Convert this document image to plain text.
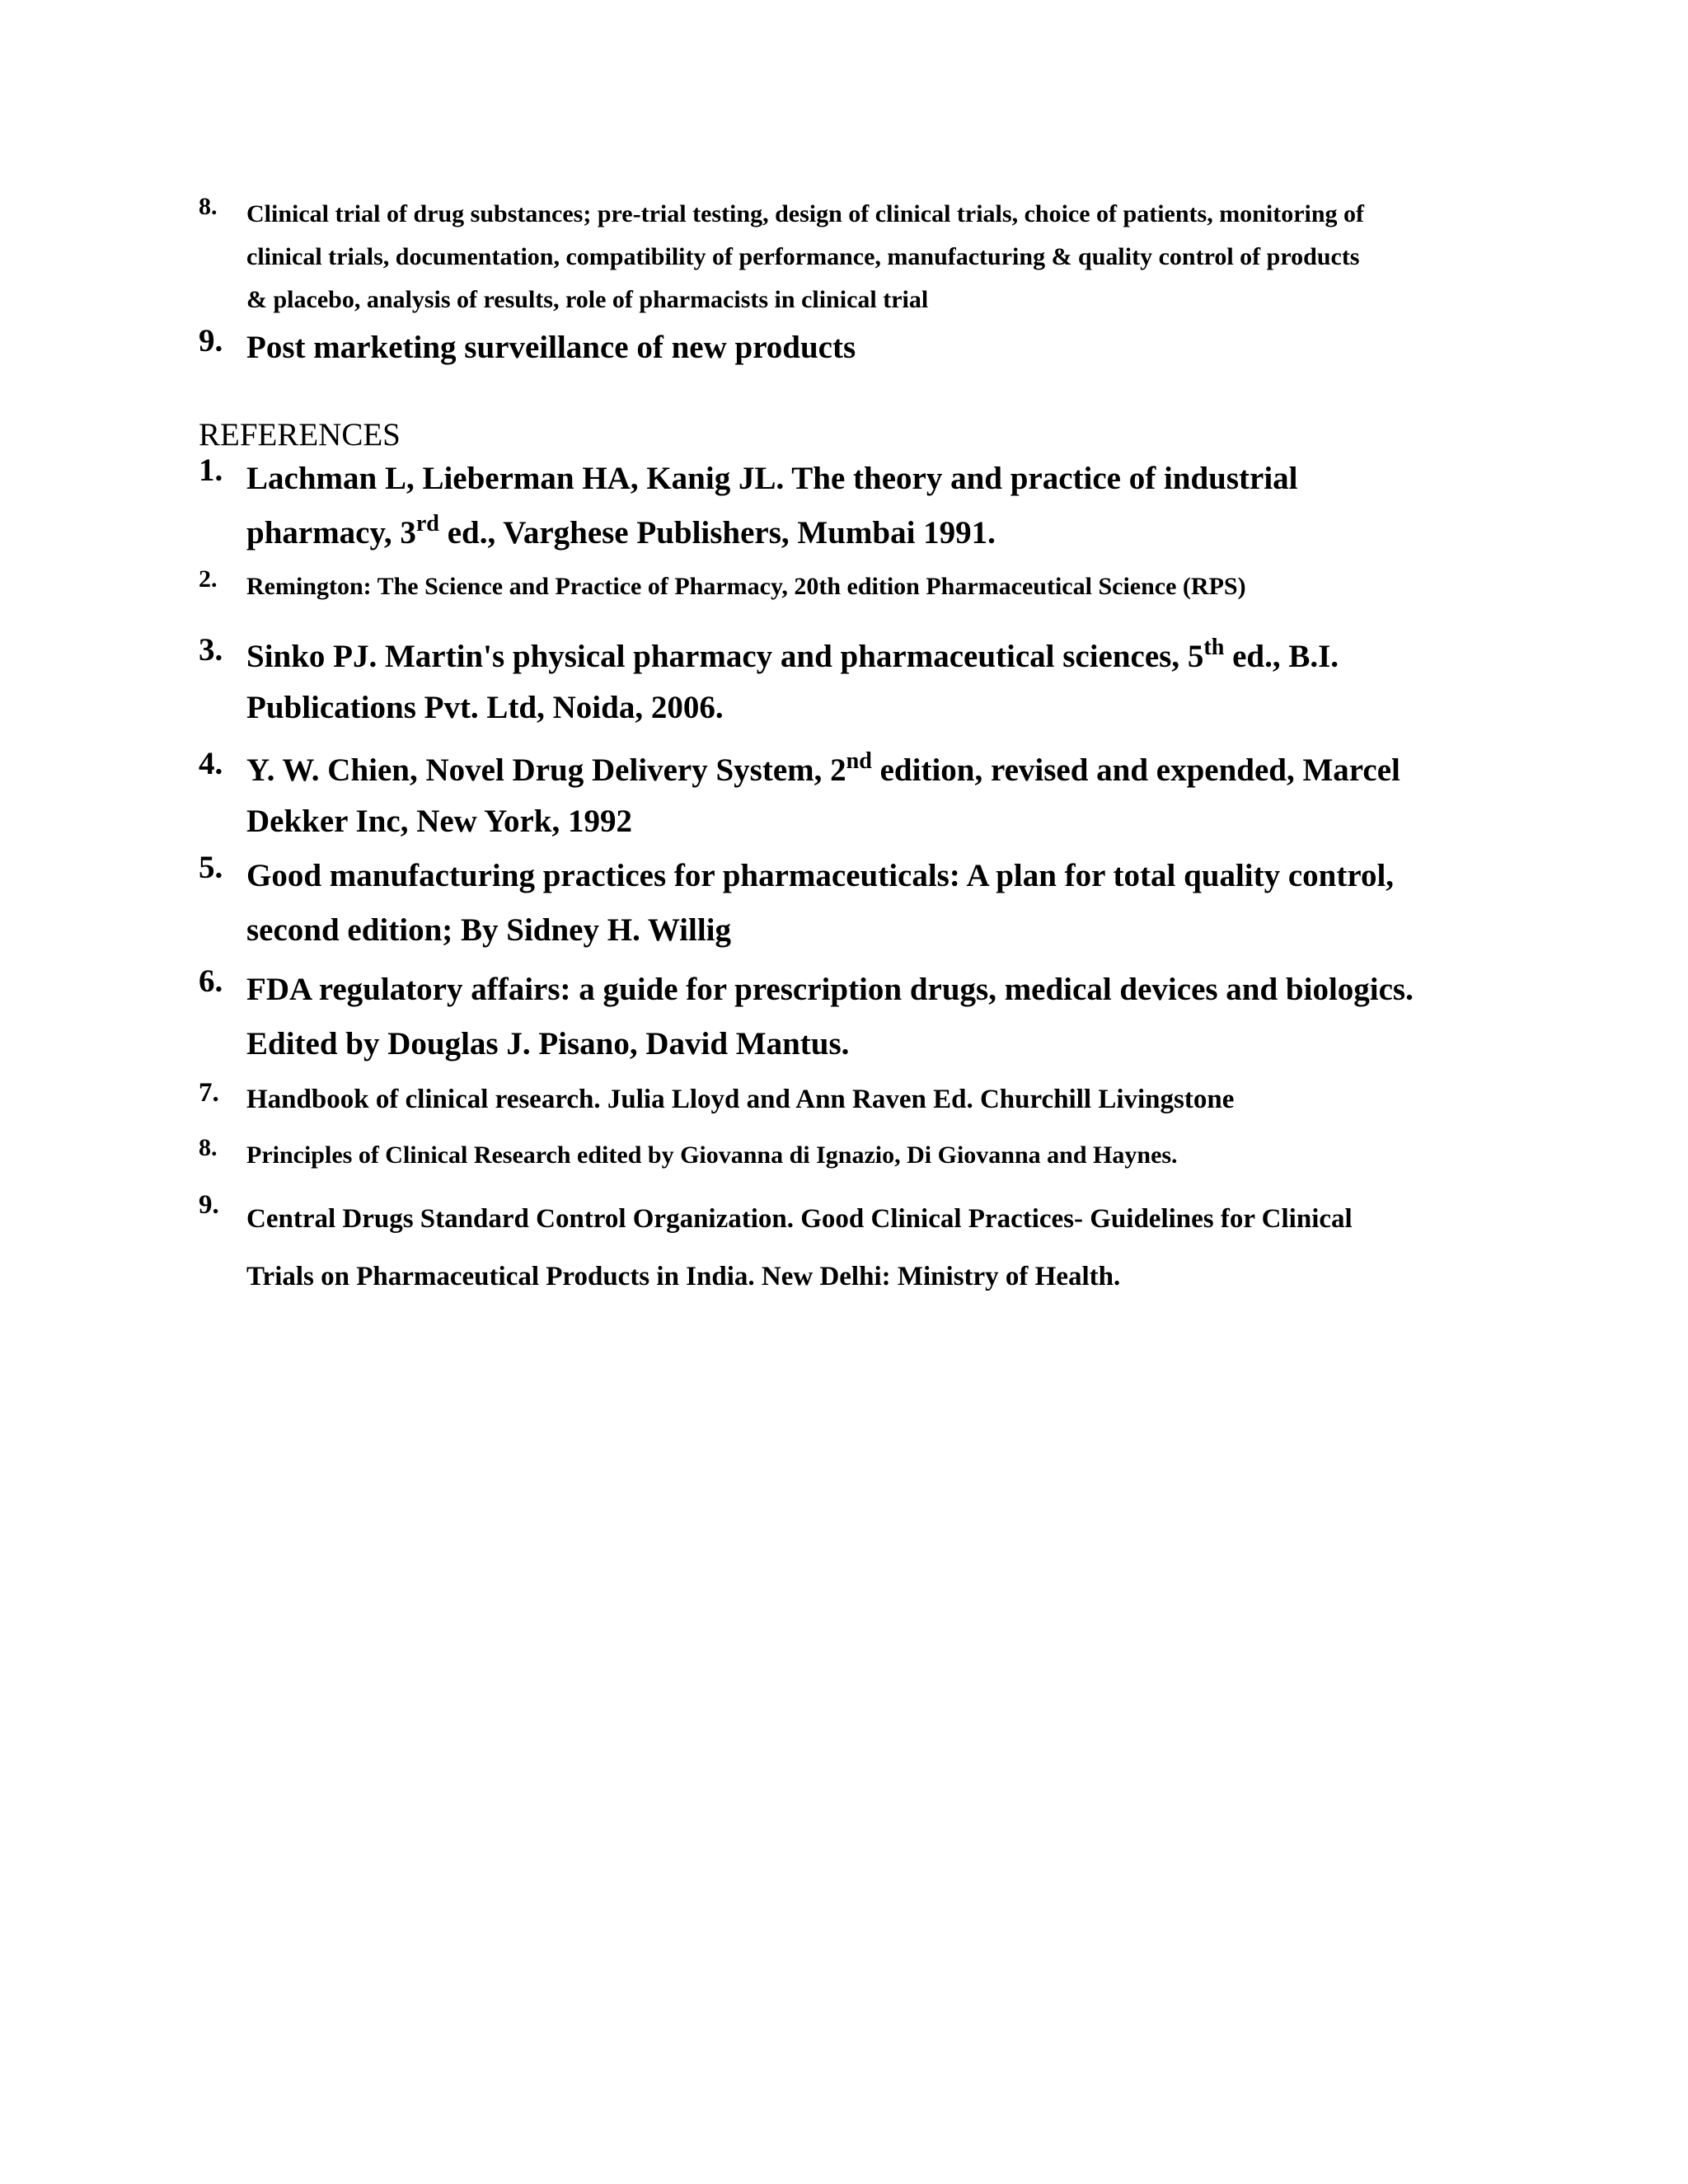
8. Clinical trial of drug substances; pre-trial testing, design of clinical trials, choice of patients, monitoring of
clinical trials, documentation, compatibility of performance, manufacturing & quality control of products
& placebo, analysis of results, role of pharmacists in clinical trial
9. Post marketing surveillance of new products
REFERENCES
1. Lachman L, Lieberman HA, Kanig JL. The theory and practice of industrial
pharmacy, 3rd ed., Varghese Publishers, Mumbai 1991.
2. Remington: The Science and Practice of Pharmacy, 20th edition Pharmaceutical Science (RPS)
3. Sinko PJ. Martin's physical pharmacy and pharmaceutical sciences, 5th ed., B.I.
Publications Pvt. Ltd, Noida, 2006.
4. Y. W. Chien, Novel Drug Delivery System, 2nd edition, revised and expended, Marcel
Dekker Inc, New York, 1992
5. Good manufacturing practices for pharmaceuticals: A plan for total quality control,
second edition; By Sidney H. Willig
6. FDA regulatory affairs: a guide for prescription drugs, medical devices and biologics.
Edited by Douglas J. Pisano, David Mantus.
7. Handbook of clinical research. Julia Lloyd and Ann Raven Ed. Churchill Livingstone
8. Principles of Clinical Research edited by Giovanna di Ignazio, Di Giovanna and Haynes.
9. Central Drugs Standard Control Organization. Good Clinical Practices- Guidelines for Clinical
Trials on Pharmaceutical Products in India. New Delhi: Ministry of Health.
